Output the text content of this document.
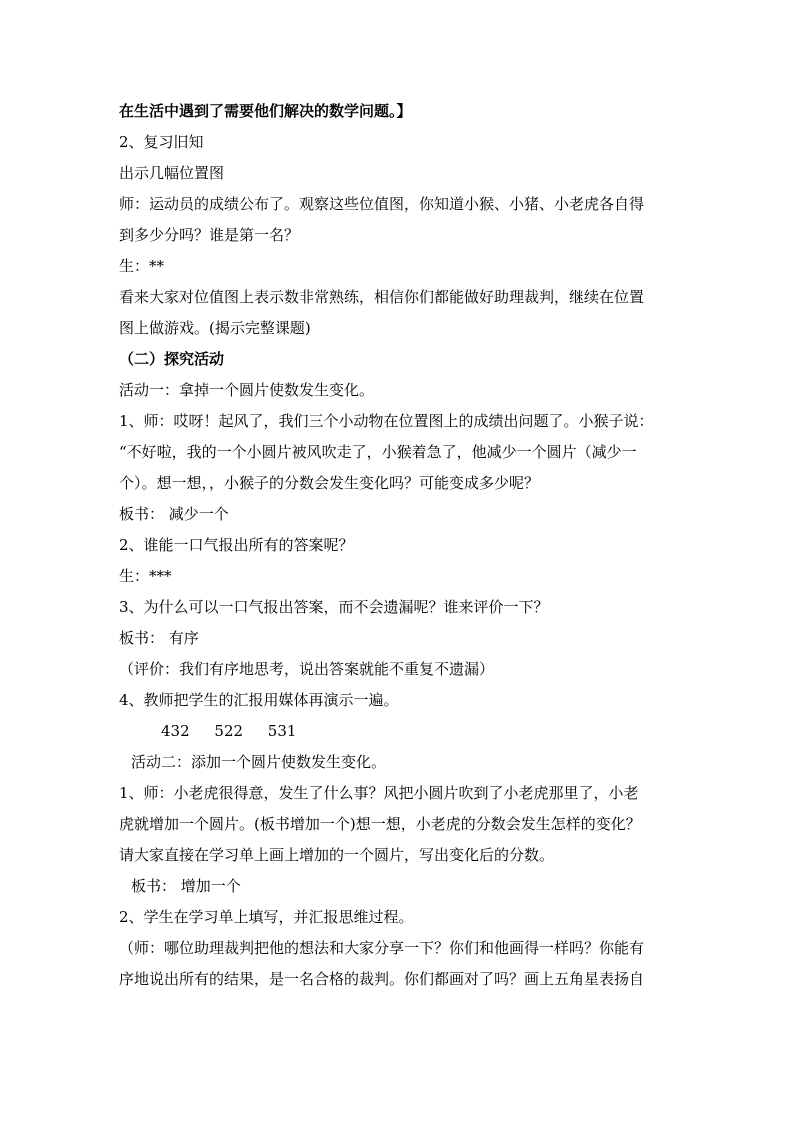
在生活中遇到了需要他们解决的数学问题。】
2、复习旧知
出示几幅位置图
师：运动员的成绩公布了。观察这些位值图，你知道小猴、小猪、小老虎各自得
到多少分吗？谁是第一名？
生：**
看来大家对位值图上表示数非常熟练，相信你们都能做好助理裁判，继续在位置
图上做游戏。(揭示完整课题)
（二）探究活动
活动一：拿掉一个圆片使数发生变化。
1、师：哎呀！起风了，我们三个小动物在位置图上的成绩出问题了。小猴子说：
“不好啦，我的一个小圆片被风吹走了，小猴着急了，他减少一个圆片（减少一
个）。想一想，，小猴子的分数会发生变化吗？可能变成多少呢？
板书： 减少一个
2、谁能一口气报出所有的答案呢？
生：***
3、为什么可以一口气报出答案，而不会遗漏呢？谁来评价一下？
板书： 有序
（评价：我们有序地思考，说出答案就能不重复不遗漏）
4、教师把学生的汇报用媒体再演示一遍。
432 522 531
活动二：添加一个圆片使数发生变化。
1、师：小老虎很得意，发生了什么事？风把小圆片吹到了小老虎那里了，小老
虎就增加一个圆片。(板书增加一个)想一想，小老虎的分数会发生怎样的变化？
请大家直接在学习单上画上增加的一个圆片，写出变化后的分数。
板书： 增加一个
2、学生在学习单上填写，并汇报思维过程。
（师：哪位助理裁判把他的想法和大家分享一下？你们和他画得一样吗？你能有
序地说出所有的结果，是一名合格的裁判。你们都画对了吗？画上五角星表扬自
